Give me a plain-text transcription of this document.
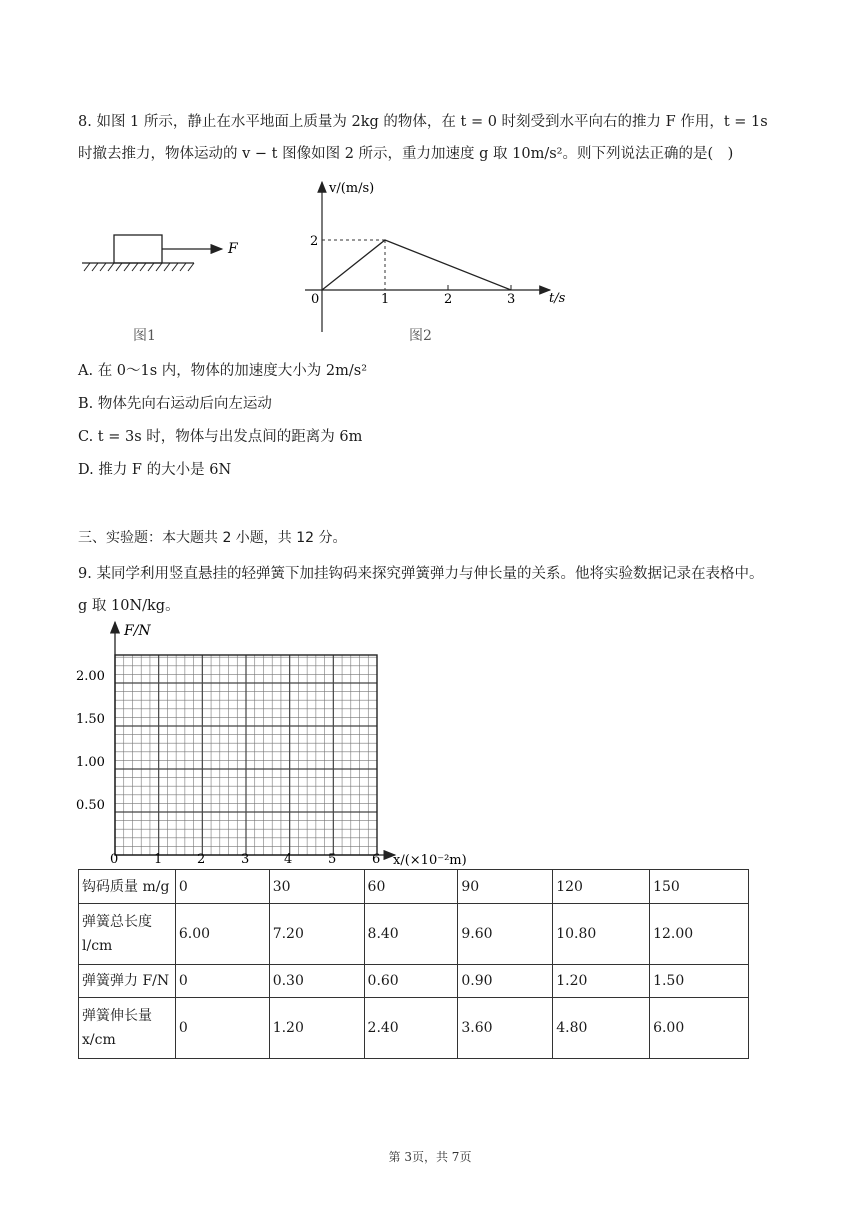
8. 如图 1 所示，静止在水平地面上质量为 2kg 的物体，在 t = 0 时刻受到水平向右的推力 F 作用，t = 1s
时撤去推力，物体运动的 v − t 图像如图 2 所示，重力加速度 g 取 10m/s²。则下列说法正确的是(　)
F
图1
v/(m/s)
t/s
2
0	1	2	3
图2
A. 在 0～1s 内，物体的加速度大小为 2m/s²
B. 物体先向右运动后向左运动
C. t = 3s 时，物体与出发点间的距离为 6m
D. 推力 F 的大小是 6N
三、实验题：本大题共 2 小题，共 12 分。
9. 某同学利用竖直悬挂的轻弹簧下加挂钩码来探究弹簧弹力与伸长量的关系。他将实验数据记录在表格中。
g 取 10N/kg。
F/N
x/(×10⁻²m)
0.50
1.00
1.50
2.00
0	1	2	3	4	5	6
钩码质量 m/g	0	30	60	90	120	150
弹簧总长度 l/cm	6.00	7.20	8.40	9.60	10.80	12.00
弹簧弹力 F/N	0	0.30	0.60	0.90	1.20	1.50
弹簧伸长量 x/cm	0	1.20	2.40	3.60	4.80	6.00
第 3页，共 7页
